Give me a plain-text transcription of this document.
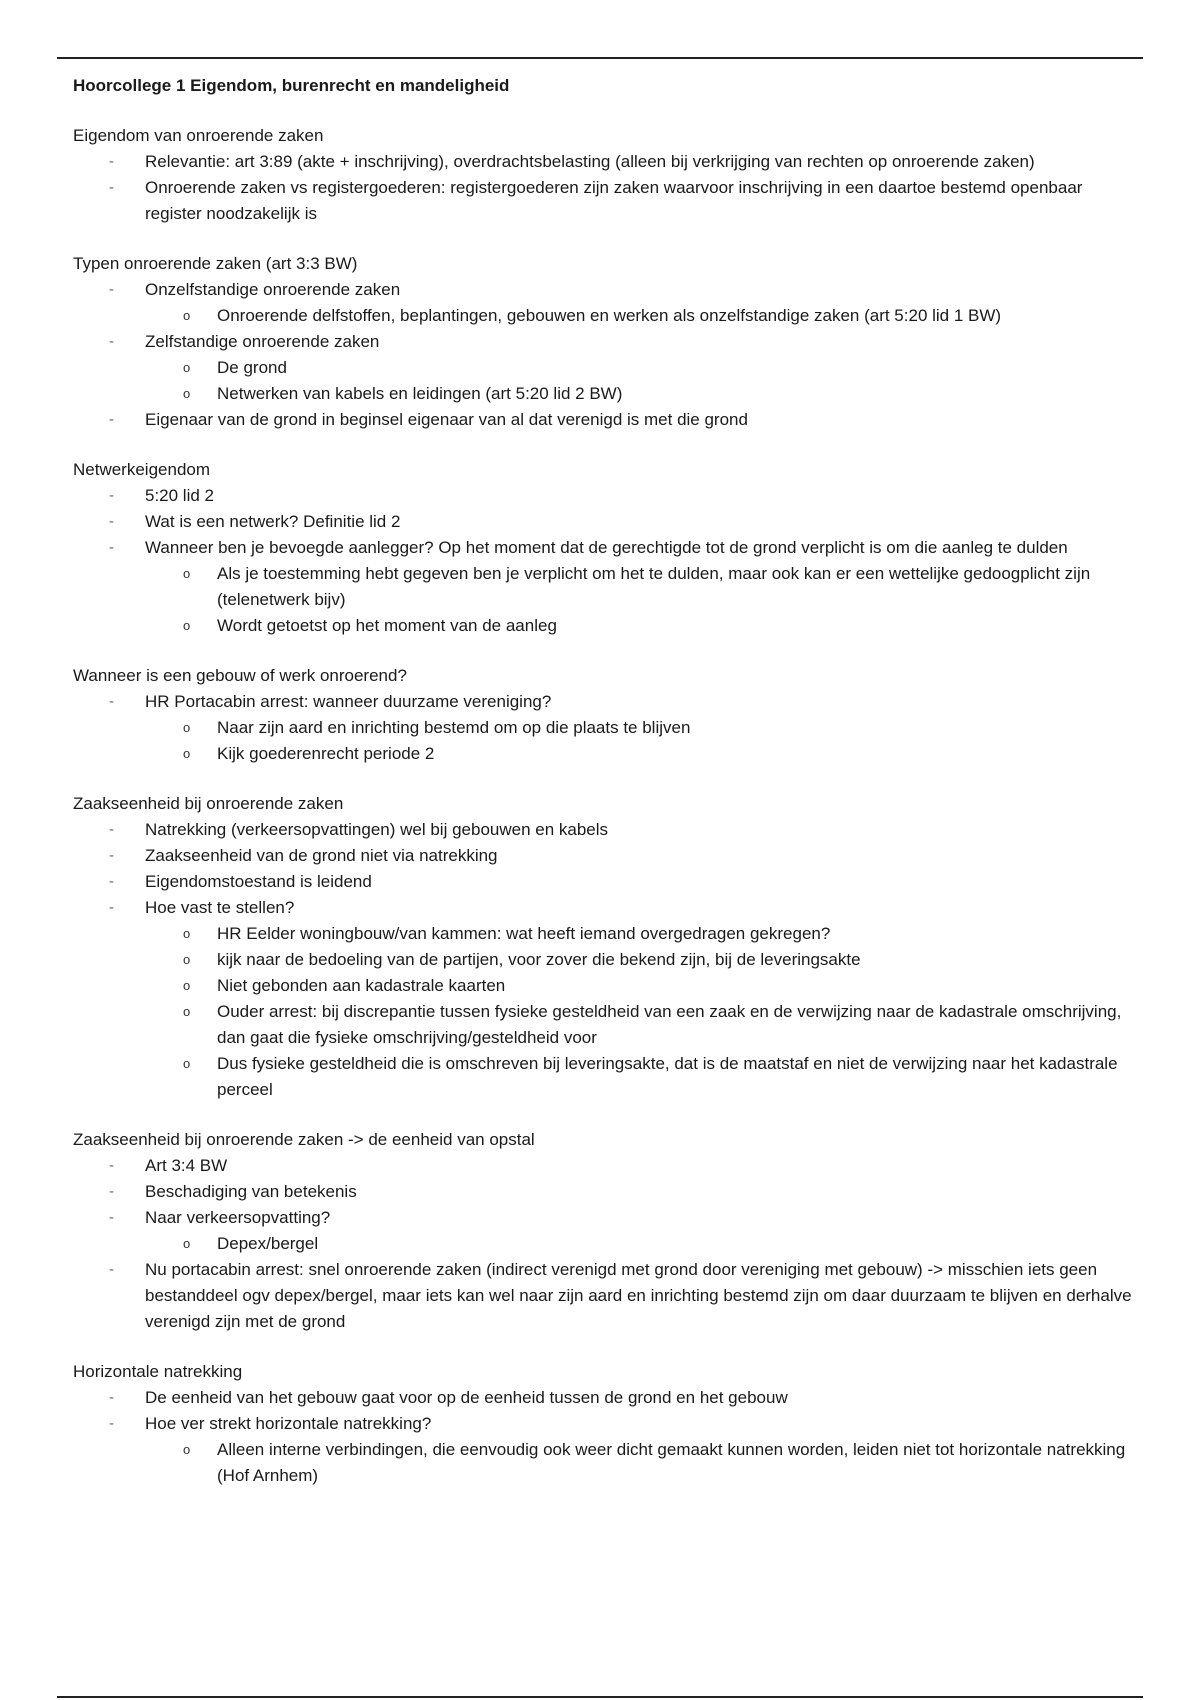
Hoorcollege 1 Eigendom, burenrecht en mandeligheid
Eigendom van onroerende zaken
- Relevantie: art 3:89 (akte + inschrijving), overdrachtsbelasting (alleen bij verkrijging van rechten op onroerende zaken)
- Onroerende zaken vs registergoederen: registergoederen zijn zaken waarvoor inschrijving in een daartoe bestemd openbaar register noodzakelijk is
Typen onroerende zaken (art 3:3 BW)
- Onzelfstandige onroerende zaken
o Onroerende delfstoffen, beplantingen, gebouwen en werken als onzelfstandige zaken (art 5:20 lid 1 BW)
- Zelfstandige onroerende zaken
o De grond
o Netwerken van kabels en leidingen (art 5:20 lid 2 BW)
- Eigenaar van de grond in beginsel eigenaar van al dat verenigd is met die grond
Netwerkeigendom
- 5:20 lid 2
- Wat is een netwerk? Definitie lid 2
- Wanneer ben je bevoegde aanlegger? Op het moment dat de gerechtigde tot de grond verplicht is om die aanleg te dulden
o Als je toestemming hebt gegeven ben je verplicht om het te dulden, maar ook kan er een wettelijke gedoogplicht zijn (telenetwerk bijv)
o Wordt getoetst op het moment van de aanleg
Wanneer is een gebouw of werk onroerend?
- HR Portacabin arrest: wanneer duurzame vereniging?
o Naar zijn aard en inrichting bestemd om op die plaats te blijven
o Kijk goederenrecht periode 2
Zaakseenheid bij onroerende zaken
- Natrekking (verkeersopvattingen) wel bij gebouwen en kabels
- Zaakseenheid van de grond niet via natrekking
- Eigendomstoestand is leidend
- Hoe vast te stellen?
o HR Eelder woningbouw/van kammen: wat heeft iemand overgedragen gekregen?
o kijk naar de bedoeling van de partijen, voor zover die bekend zijn, bij de leveringsakte
o Niet gebonden aan kadastrale kaarten
o Ouder arrest: bij discrepantie tussen fysieke gesteldheid van een zaak en de verwijzing naar de kadastrale omschrijving, dan gaat die fysieke omschrijving/gesteldheid voor
o Dus fysieke gesteldheid die is omschreven bij leveringsakte, dat is de maatstaf en niet de verwijzing naar het kadastrale perceel
Zaakseenheid bij onroerende zaken -> de eenheid van opstal
- Art 3:4 BW
- Beschadiging van betekenis
- Naar verkeersopvatting?
o Depex/bergel
- Nu portacabin arrest: snel onroerende zaken (indirect verenigd met grond door vereniging met gebouw) -> misschien iets geen bestanddeel ogv depex/bergel, maar iets kan wel naar zijn aard en inrichting bestemd zijn om daar duurzaam te blijven en derhalve verenigd zijn met de grond
Horizontale natrekking
- De eenheid van het gebouw gaat voor op de eenheid tussen de grond en het gebouw
- Hoe ver strekt horizontale natrekking?
o Alleen interne verbindingen, die eenvoudig ook weer dicht gemaakt kunnen worden, leiden niet tot horizontale natrekking (Hof Arnhem)
